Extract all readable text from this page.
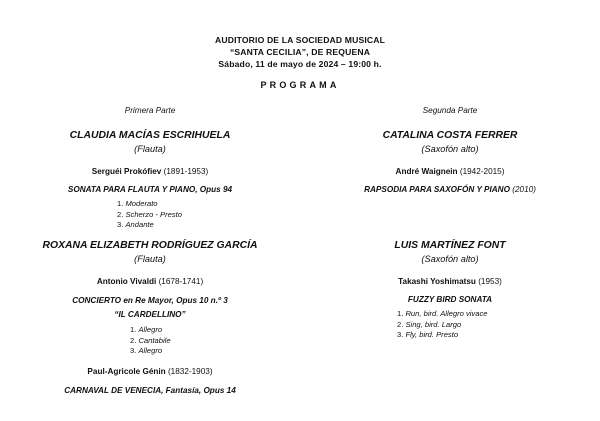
AUDITORIO DE LA SOCIEDAD MUSICAL
“SANTA CECILIA”, DE REQUENA
Sábado, 11 de mayo de 2024 – 19:00 h.
PROGRAMA
Primera Parte
CLAUDIA MACÍAS ESCRIHUELA
(Flauta)
Serguéi Prokófiev (1891-1953)
SONATA PARA FLAUTA Y PIANO, Opus 94
1. Moderato
2. Scherzo - Presto
3. Andante
ROXANA ELIZABETH RODRÍGUEZ GARCÍA
(Flauta)
Antonio Vivaldi (1678-1741)
CONCIERTO en Re Mayor, Opus 10 n.º 3
“IL CARDELLINO”
1. Allegro
2. Cantabile
3. Allegro
Paul-Agricole Génin (1832-1903)
CARNAVAL DE VENECIA, Fantasía, Opus 14
Segunda Parte
CATALINA COSTA FERRER
(Saxofón alto)
André Waignein (1942-2015)
RAPSODIA PARA SAXOFÓN Y PIANO (2010)
LUIS MARTÍNEZ FONT
(Saxofón alto)
Takashi Yoshimatsu (1953)
FUZZY BIRD SONATA
1. Run, bird. Allegro vivace
2. Sing, bird. Largo
3. Fly, bird. Presto
